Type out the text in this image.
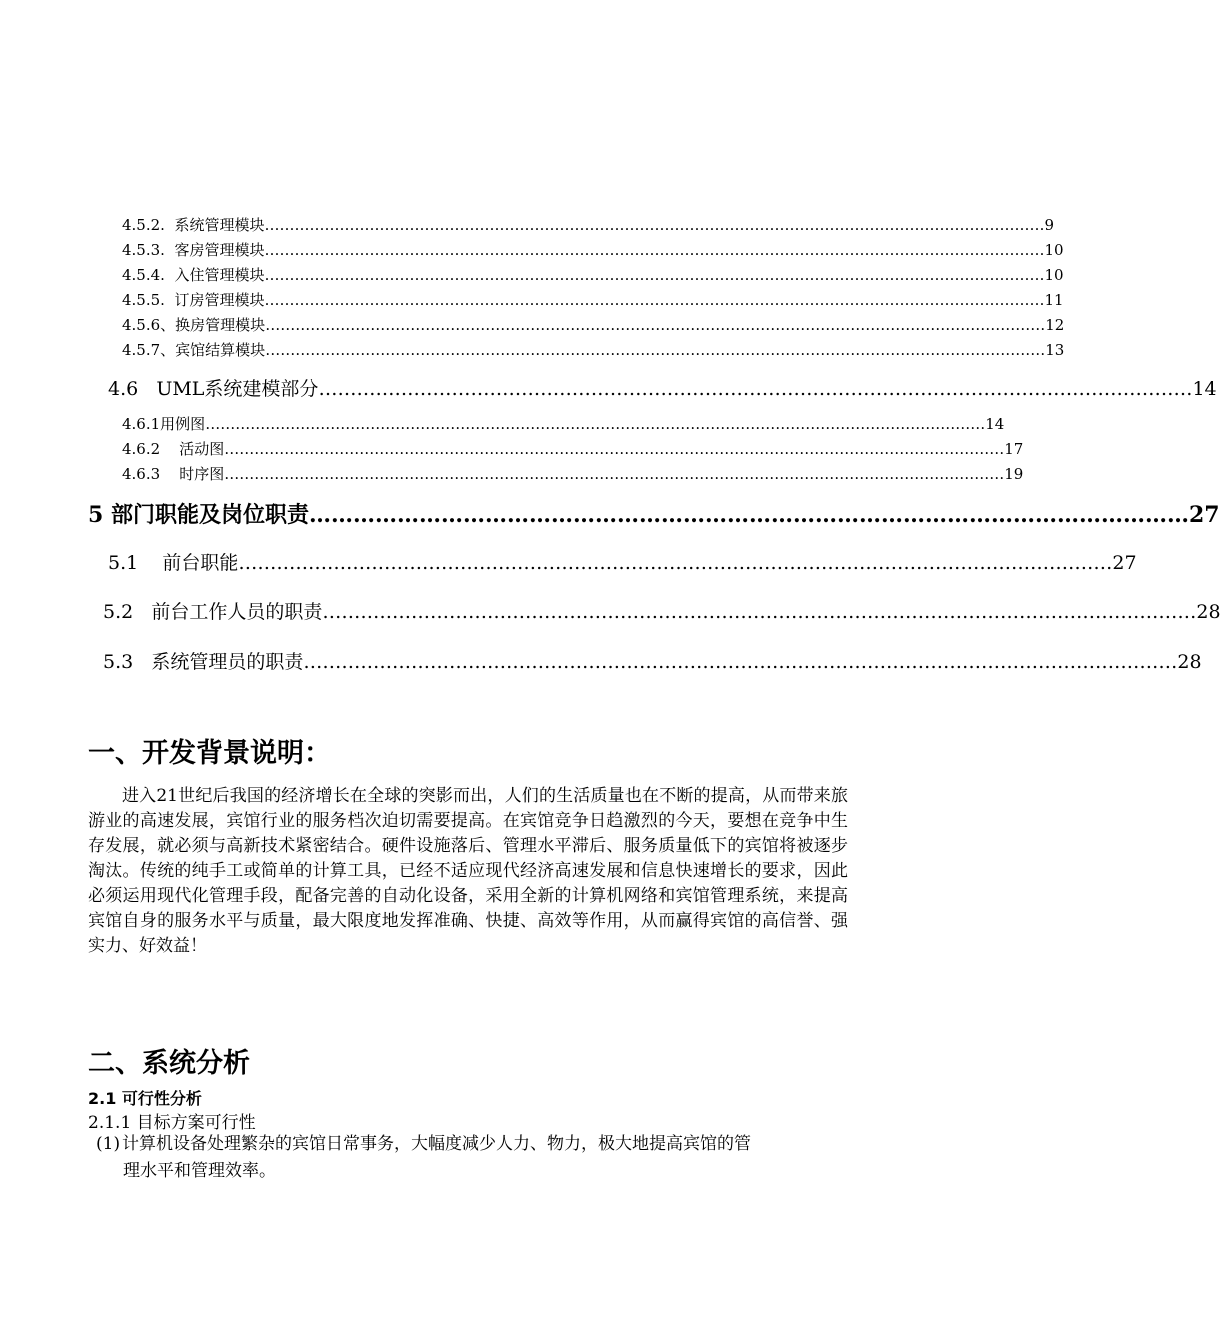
4.5.2. 系统管理模块 ………………………………………………………………………………………………………………………………………… 9
4.5.3. 客房管理模块 ………………………………………………………………………………………………………………………………………… 10
4.5.4. 入住管理模块 ………………………………………………………………………………………………………………………………………… 10
4.5.5. 订房管理模块 ………………………………………………………………………………………………………………………………………… 11
4.5.6、换房管理模块 ………………………………………………………………………………………………………………………………………… 12
4.5.7、宾馆结算模块 ………………………………………………………………………………………………………………………………………… 13
4.6 UML系统建模部分 ………………………………………………………………………………………………………………………… 14
4.6.1用例图 ………………………………………………………………………………………………………………………………………… 14
4.6.2 活动图 ………………………………………………………………………………………………………………………………………… 17
4.6.3 时序图 ………………………………………………………………………………………………………………………………………… 19
5 部门职能及岗位职责 ………………………………………………………………………………………………………… 27
5.1 前台职能 ………………………………………………………………………………………………………………………… 27
5.2 前台工作人员的职责 ………………………………………………………………………………………………………………………… 28
5.3 系统管理员的职责 ………………………………………………………………………………………………………………………… 28
一、开发背景说明：

进入21世纪后我国的经济增长在全球的突影而出，人们的生活质量也在不断的提高，从而带来旅游业的高速发展，宾馆行业的服务档次迫切需要提高。在宾馆竞争日趋激烈的今天，要想在竞争中生存发展，就必须与高新技术紧密结合。硬件设施落后、管理水平滞后、服务质量低下的宾馆将被逐步淘汰。传统的纯手工或简单的计算工具，已经不适应现代经济高速发展和信息快速增长的要求，因此必须运用现代化管理手段，配备完善的自动化设备，采用全新的计算机网络和宾馆管理系统，来提高宾馆自身的服务水平与质量，最大限度地发挥准确、快捷、高效等作用，从而赢得宾馆的高信誉、强实力、好效益！

二、系统分析

2.1 可行性分析

2.1.1 目标方案可行性

(1) 计算机设备处理繁杂的宾馆日常事务，大幅度减少人力、物力，极大地提高宾馆的管
理水平和管理效率。
